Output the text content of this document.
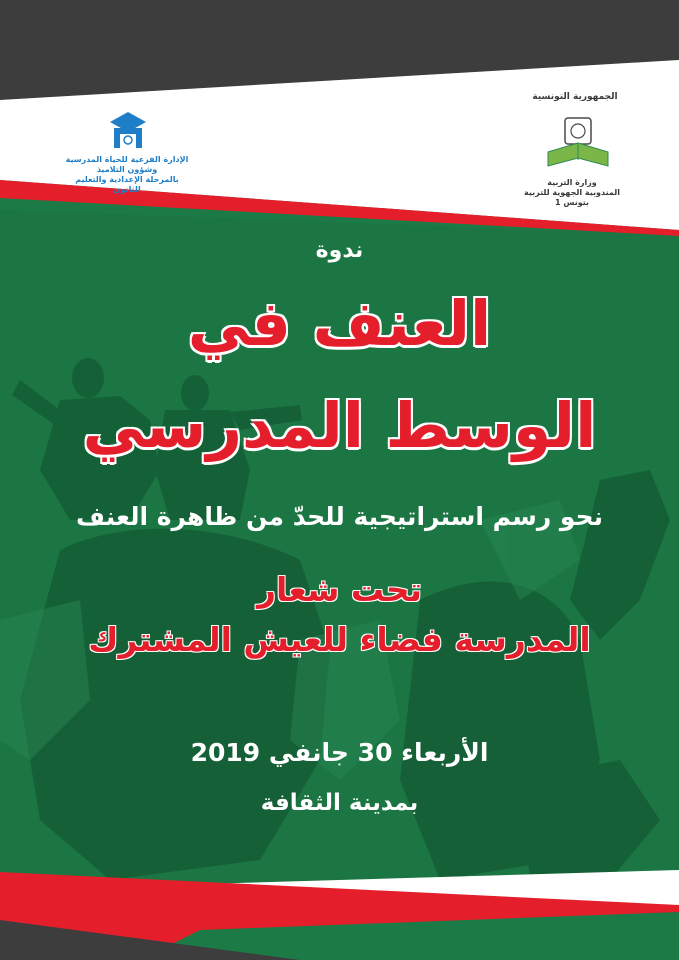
الجمهورية التونسية
وزارة التربية
المندوبية الجهوية للتربية بتونس 1
الإدارة الفرعية للحياة المدرسية وشؤون التلاميذ
بالمرحلة الإعدادية والتعليم الثانوي
ندوة
العنف في
الوسط المدرسي
نحو رسم استراتيجية للحدّ من ظاهرة العنف
تحت شعار
المدرسة فضاء للعيش المشترك
الأربعاء 30 جانفي 2019
بمدينة الثقافة
